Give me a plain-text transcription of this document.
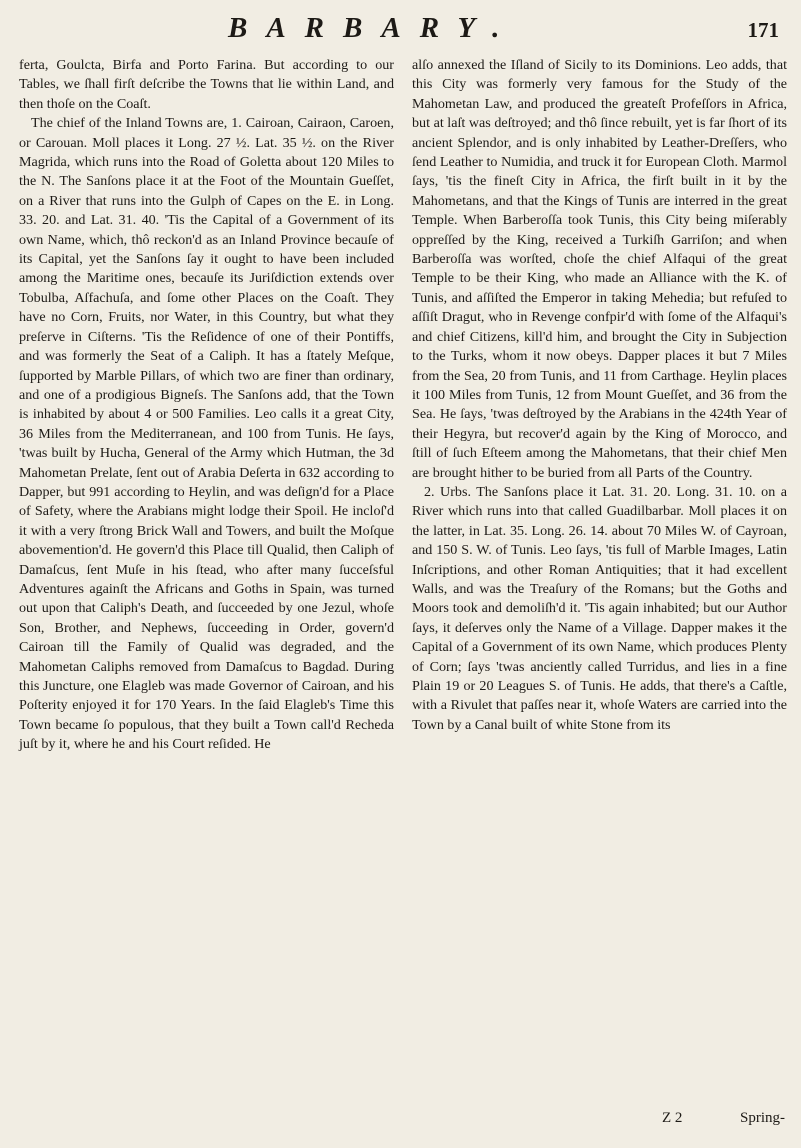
BARBARY.	171

ferta, Goulcta, Birfa and Porto Farina. But according to our Tables, we ſhall firſt deſcribe the Towns that lie within Land, and then thoſe on the Coaſt.

The chief of the Inland Towns are, 1. Cairoan, Cairaon, Caroen, or Carouan. Moll places it Long. 27 ½. Lat. 35 ½. on the River Magrida, which runs into the Road of Goletta about 120 Miles to the N. The Sanſons place it at the Foot of the Mountain Gueſſet, on a River that runs into the Gulph of Capes on the E. in Long. 33. 20. and Lat. 31. 40. 'Tis the Capital of a Government of its own Name, which, thô reckon'd as an Inland Province becauſe of its Capital, yet the Sanſons ſay it ought to have been included among the Maritime ones, becauſe its Juriſdiction extends over Tobulba, Aſfachuſa, and ſome other Places on the Coaſt. They have no Corn, Fruits, nor Water, in this Country, but what they preſerve in Ciſterns. 'Tis the Reſidence of one of their Pontiffs, and was formerly the Seat of a Caliph. It has a ſtately Meſque, ſupported by Marble Pillars, of which two are finer than ordinary, and one of a prodigious Bigneſs. The Sanſons add, that the Town is inhabited by about 4 or 500 Families. Leo calls it a great City, 36 Miles from the Mediterranean, and 100 from Tunis. He ſays, 'twas built by Hucha, General of the Army which Hutman, the 3d Mahometan Prelate, ſent out of Arabia Deſerta in 632 according to Dapper, but 991 according to Heylin, and was deſign'd for a Place of Safety, where the Arabians might lodge their Spoil. He incloſ'd it with a very ſtrong Brick Wall and Towers, and built the Moſque abovemention'd. He govern'd this Place till Qualid, then Caliph of Damaſcus, ſent Muſe in his ſtead, who after many ſucceſsful Adventures againſt the Africans and Goths in Spain, was turned out upon that Caliph's Death, and ſucceeded by one Jezul, whoſe Son, Brother, and Nephews, ſucceeding in Order, govern'd Cairoan till the Family of Qualid was degraded, and the Mahometan Caliphs removed from Damaſcus to Bagdad. During this Juncture, one Elagleb was made Governor of Cairoan, and his Poſterity enjoyed it for 170 Years. In the ſaid Elagleb's Time this Town became ſo populous, that they built a Town call'd Recheda juſt by it, where he and his Court reſided. He

alſo annexed the Iſland of Sicily to its Dominions. Leo adds, that this City was formerly very famous for the Study of the Mahometan Law, and produced the greateſt Profeſſors in Africa, but at laſt was deſtroyed; and thô ſince rebuilt, yet is far ſhort of its ancient Splendor, and is only inhabited by Leather-Dreſſers, who ſend Leather to Numidia, and truck it for European Cloth. Marmol ſays, 'tis the fineſt City in Africa, the firſt built in it by the Mahometans, and that the Kings of Tunis are interred in the great Temple. When Barberoſſa took Tunis, this City being miſerably oppreſſed by the King, received a Turkiſh Garriſon; and when Barberoſſa was worſted, choſe the chief Alfaqui of the great Temple to be their King, who made an Alliance with the K. of Tunis, and aſſiſted the Emperor in taking Mehedia; but refuſed to aſſiſt Dragut, who in Revenge confpir'd with ſome of the Alfaqui's and chief Citizens, kill'd him, and brought the City in Subjection to the Turks, whom it now obeys. Dapper places it but 7 Miles from the Sea, 20 from Tunis, and 11 from Carthage. Heylin places it 100 Miles from Tunis, 12 from Mount Gueſſet, and 36 from the Sea. He ſays, 'twas deſtroyed by the Arabians in the 424th Year of their Hegyra, but recover'd again by the King of Morocco, and ſtill of ſuch Eſteem among the Mahometans, that their chief Men are brought hither to be buried from all Parts of the Country.

2. Urbs. The Sanſons place it Lat. 31. 20. Long. 31. 10. on a River which runs into that called Guadilbarbar. Moll places it on the latter, in Lat. 35. Long. 26. 14. about 70 Miles W. of Cayroan, and 150 S. W. of Tunis. Leo ſays, 'tis full of Marble Images, Latin Inſcriptions, and other Roman Antiquities; that it had excellent Walls, and was the Treaſury of the Romans; but the Goths and Moors took and demoliſh'd it. 'Tis again inhabited; but our Author ſays, it deſerves only the Name of a Village. Dapper makes it the Capital of a Government of its own Name, which produces Plenty of Corn; ſays 'twas anciently called Turridus, and lies in a fine Plain 19 or 20 Leagues S. of Tunis. He adds, that there's a Caſtle, with a Rivulet that paſſes near it, whoſe Waters are carried into the Town by a Canal built of white Stone from its

Z 2	Spring-
